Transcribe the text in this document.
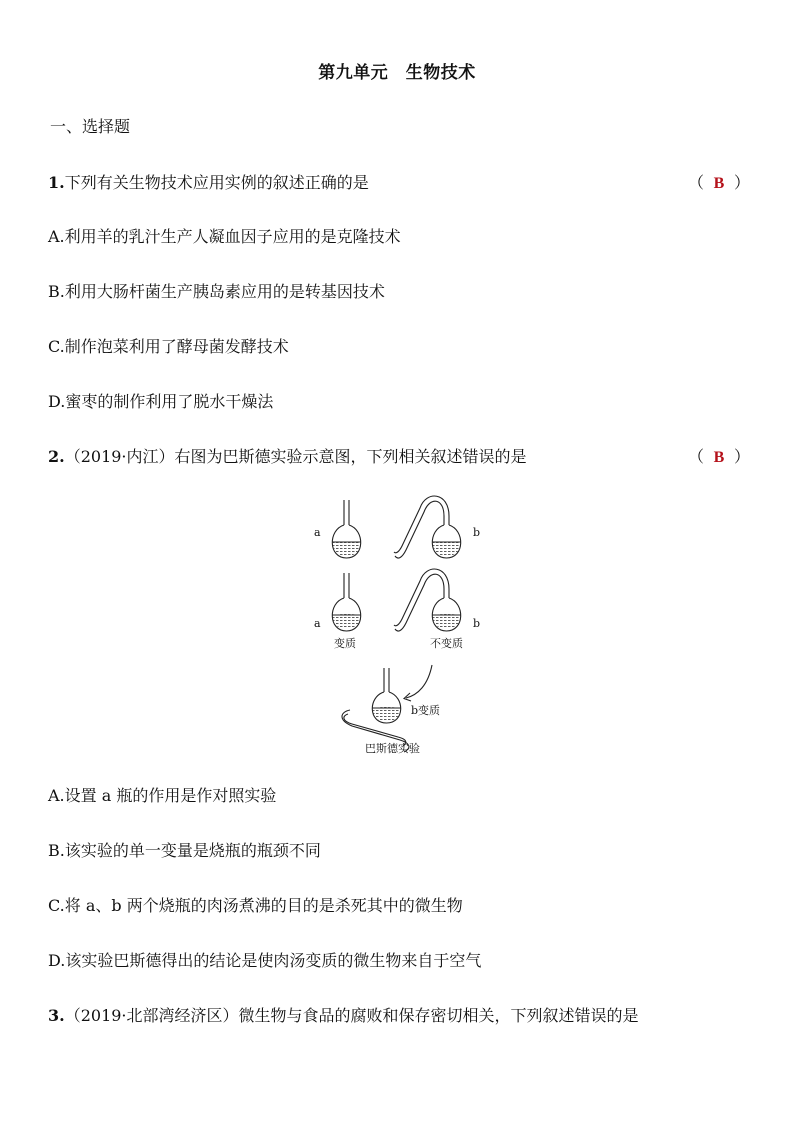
第九单元　生物技术
一、选择题
1.下列有关生物技术应用实例的叙述正确的是	（ B ）
A.利用羊的乳汁生产人凝血因子应用的是克隆技术
B.利用大肠杆菌生产胰岛素应用的是转基因技术
C.制作泡菜利用了酵母菌发酵技术
D.蜜枣的制作利用了脱水干燥法
2.（2019·内江）右图为巴斯德实验示意图，下列相关叙述错误的是	（ B ）
a	b
a	b
变质	不变质
b变质
巴斯德实验
A.设置 a 瓶的作用是作对照实验
B.该实验的单一变量是烧瓶的瓶颈不同
C.将 a、b 两个烧瓶的肉汤煮沸的目的是杀死其中的微生物
D.该实验巴斯德得出的结论是使肉汤变质的微生物来自于空气
3.（2019·北部湾经济区）微生物与食品的腐败和保存密切相关，下列叙述错误的是
